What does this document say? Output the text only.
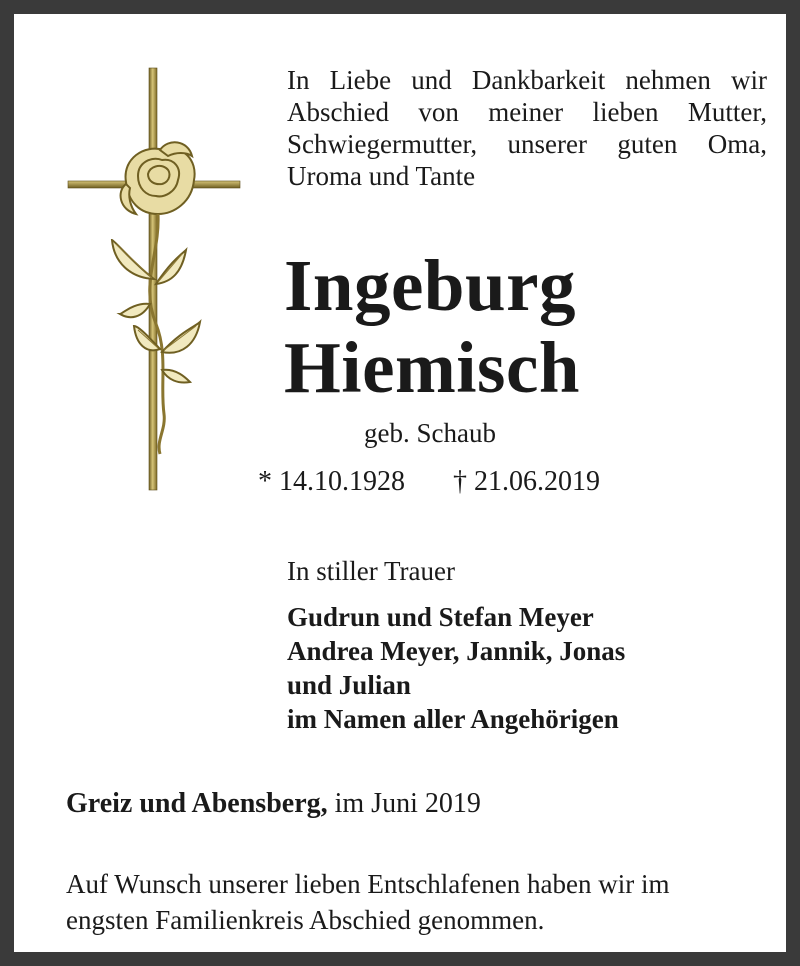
In Liebe und Dankbarkeit nehmen wir
Abschied von meiner lieben Mutter,
Schwiegermutter, unserer guten Oma,
Uroma und Tante
Ingeburg
Hiemisch
geb. Schaub
* 14.10.1928 † 21.06.2019
In stiller Trauer
Gudrun und Stefan Meyer
Andrea Meyer, Jannik, Jonas
und Julian
im Namen aller Angehörigen
Greiz und Abensberg, im Juni 2019
Auf Wunsch unserer lieben Entschlafenen haben wir im
engsten Familienkreis Abschied genommen.
